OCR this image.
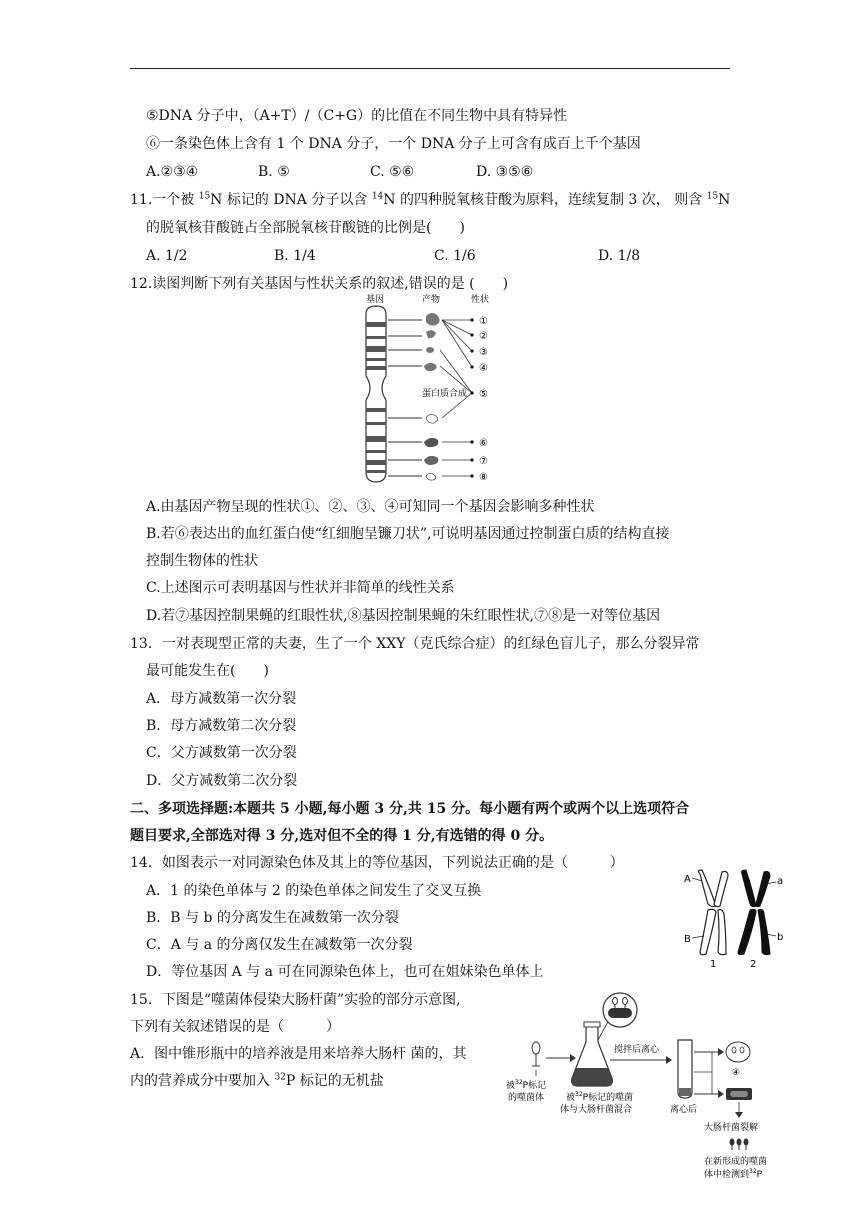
⑤DNA 分子中，（A+T）/（C+G）的比值在不同生物中具有特异性
⑥一条染色体上含有 1 个 DNA 分子，一个 DNA 分子上可含有成百上千个基因
A.②③④	B. ⑤	C. ⑤⑥	D. ③⑤⑥
11.一个被 $^{15}$N 标记的 DNA 分子以含 $^{14}$N 的四种脱氧核苷酸为原料，连续复制 3 次， 则含 $^{15}$N
的脱氧核苷酸链占全部脱氧核苷酸链的比例是(　　)
A. 1/2	B. 1/4	C. 1/6	D. 1/8
12.读图判断下列有关基因与性状关系的叙述,错误的是 (　　)
基因	产物	性状
蛋白质合成
①
②
③
④
⑤
⑥
⑦
⑧
A.由基因产物呈现的性状①、②、③、④可知同一个基因会影响多种性状
B.若⑥表达出的血红蛋白使“红细胞呈镰刀状”,可说明基因通过控制蛋白质的结构直接
控制生物体的性状
C.上述图示可表明基因与性状并非简单的线性关系
D.若⑦基因控制果蝇的红眼性状,⑧基因控制果蝇的朱红眼性状,⑦⑧是一对等位基因
13．一对表现型正常的夫妻，生了一个 XXY（克氏综合症）的红绿色盲儿子，那么分裂异常
最可能发生在(　　)
A．母方减数第一次分裂
B．母方减数第二次分裂
C．父方减数第一次分裂
D．父方减数第二次分裂
二、多项选择题:本题共 5 小题,每小题 3 分,共 15 分。每小题有两个或两个以上选项符合
题目要求,全部选对得 3 分,选对但不全的得 1 分,有选错的得 0 分。
14．如图表示一对同源染色体及其上的等位基因，下列说法正确的是（　　　）
A．1 的染色单体与 2 的染色单体之间发生了交叉互换
B．B 与 b 的分离发生在减数第一次分裂
C．A 与 a 的分离仅发生在减数第一次分裂
D．等位基因 A 与 a 可在同源染色体上，也可在姐妹染色单体上
A	a
B	b
1	2
15．下图是“噬菌体侵染大肠杆菌”实验的部分示意图,
下列有关叙述错误的是（　　　）
A．图中锥形瓶中的培养液是用来培养大肠杆 菌的，其
内的营养成分中要加入 $^{32}$P 标记的无机盐	被$^{32}$P标记
的噬菌体 被$^{32}$P标记的噬菌
体与大肠杆菌混合
搅拌后离心
离心后
④
大肠杆菌裂解
在新形成的噬菌
体中检测到$^{32}$P
